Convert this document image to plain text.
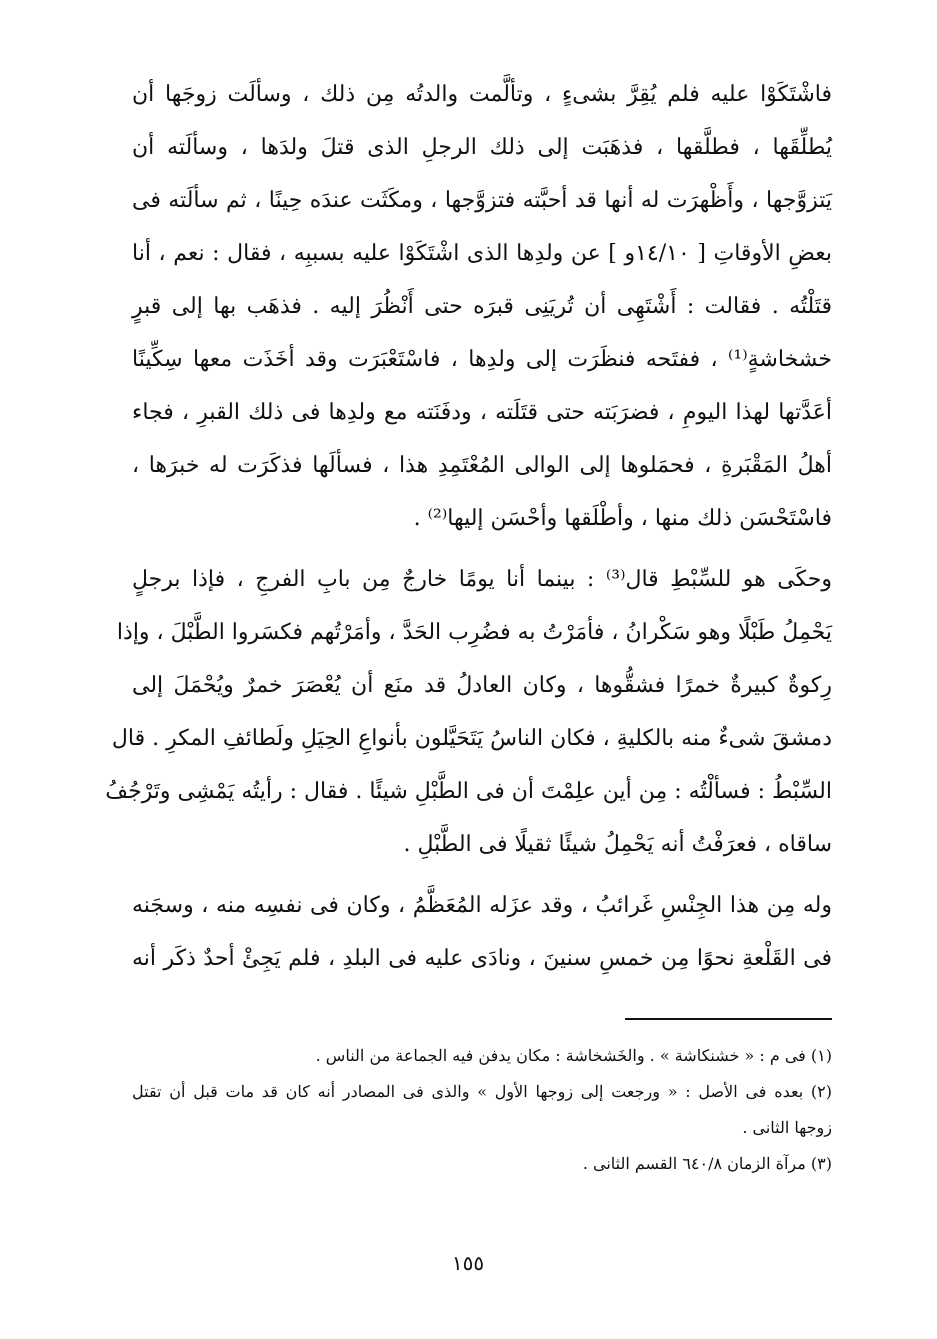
فاشْتَكَوْا عليه فلم يُقِرَّ بشىءٍ ، وتألَّمت والدتُه مِن ذلك ، وسألَت زوجَها أن
يُطلِّقَها ، فطلَّقها ، فذهَبَت إلى ذلك الرجلِ الذى قتلَ ولدَها ، وسألَته أن
يَتزوَّجها ، وأَظْهرَت له أنها قد أحبَّته فتزوَّجها ، ومكَثَت عندَه حِينًا ، ثم سألَته فى
بعضِ الأوقاتِ [ ١٤/١٠و ] عن ولدِها الذى اشْتَكَوْا عليه بسببِه ، فقال : نعم ، أنا
قتَلْتُه . فقالت : أَشْتَهِى أن تُريَنِى قبرَه حتى أَنْظُرَ إليه . فذهَب بها إلى قبرٍ
خشخاشةٍ⁽¹⁾ ، ففتَحه فنظَرَت إلى ولدِها ، فاسْتَعْبَرَت وقد أخَذَت معها سِكِّينًا
أعَدَّتها لهذا اليومِ ، فضرَبَته حتى قتَلَته ، ودفَنَته مع ولدِها فى ذلك القبرِ ، فجاء
أهلُ المَقْبَرةِ ، فحمَلوها إلى الوالى المُعْتَمِدِ هذا ، فسألَها فذكَرَت له خبرَها ،
فاسْتَحْسَن ذلك منها ، وأطْلَقها وأحْسَن إليها⁽²⁾ .
وحكَى هو للسِّبْطِ قال⁽³⁾ : بينما أنا يومًا خارجٌ مِن بابِ الفرجِ ، فإذا برجلٍ
يَحْمِلُ طَبْلًا وهو سَكْرانُ ، فأمَرْتُ به فضُرِب الحَدَّ ، وأمَرْتُهم فكسَروا الطَّبْلَ ، وإذا
رِكوةٌ كبيرةٌ خمرًا فشقُّوها ، وكان العادلُ قد منَع أن يُعْصَرَ خمرٌ ويُحْمَلَ إلى
دمشقَ شىءٌ منه بالكليةِ ، فكان الناسُ يَتَحَيَّلون بأنواعِ الحِيَلِ ولَطائفِ المكرِ . قال
السِّبْطُ : فسألْتُه : مِن أين علِمْتَ أن فى الطَّبْلِ شيئًا . فقال : رأيتُه يَمْشِى وتَرْجُفُ
ساقاه ، فعرَفْتُ أنه يَحْمِلُ شيئًا ثقيلًا فى الطَّبْلِ .
وله مِن هذا الجِنْسِ غَرائبُ ، وقد عزَله المُعَظَّمُ ، وكان فى نفسِه منه ، وسجَنه
فى القَلْعةِ نحوًا مِن خمسِ سنينَ ، ونادَى عليه فى البلدِ ، فلم يَجِئْ أحدٌ ذكَر أنه
(١) فى م : « خشنكاشة » . والخَشخاشة : مكان يدفن فيه الجماعة من الناس .
(٢) بعده فى الأصل : « ورجعت إلى زوجها الأول » والذى فى المصادر أنه كان قد مات قبل أن تقتل
زوجها الثانى .
(٣) مرآة الزمان ٦٤٠/٨ القسم الثانى .
١٥٥
